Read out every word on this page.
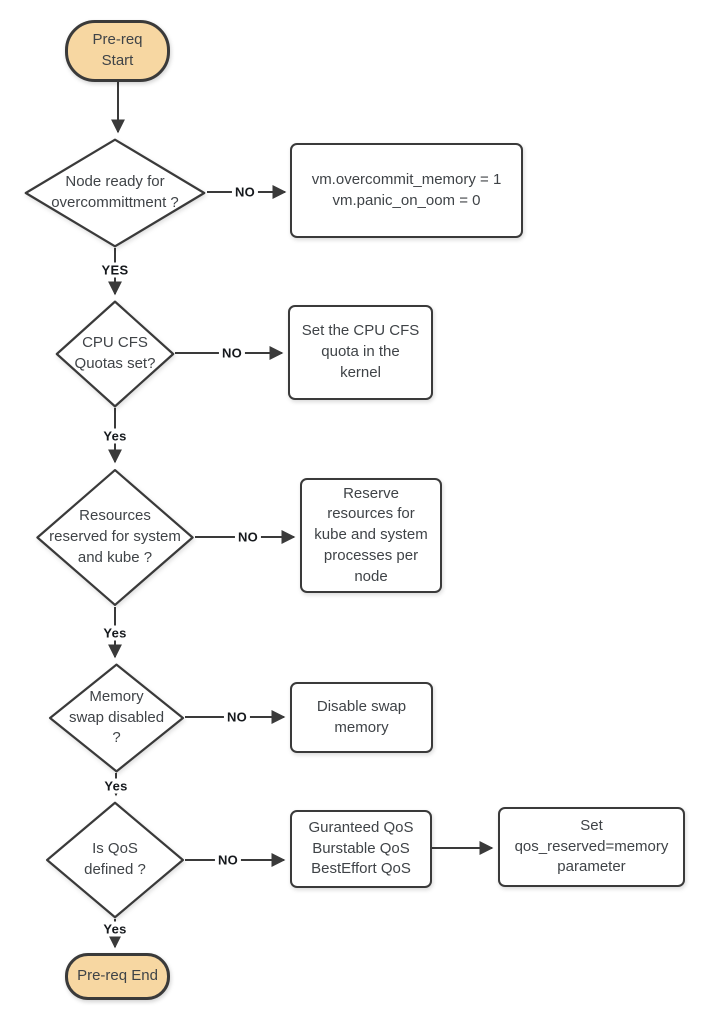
NO
YES
NO
Yes
NO
Yes
NO
Yes
NO
Yes
Pre-req
Start
Node ready for
overcommittment ?
vm.overcommit_memory = 1
vm.panic_on_oom = 0
CPU CFS
Quotas set?
Set the CPU CFS
quota in the
kernel
Resources
reserved for system
and kube ?
Reserve
resources for
kube and system
processes per
node
Memory
swap disabled
?
Disable swap
memory
Is QoS
defined ?
Guranteed QoS
Burstable QoS
BestEffort QoS
Set
qos_reserved=memory
parameter
Pre-req End
